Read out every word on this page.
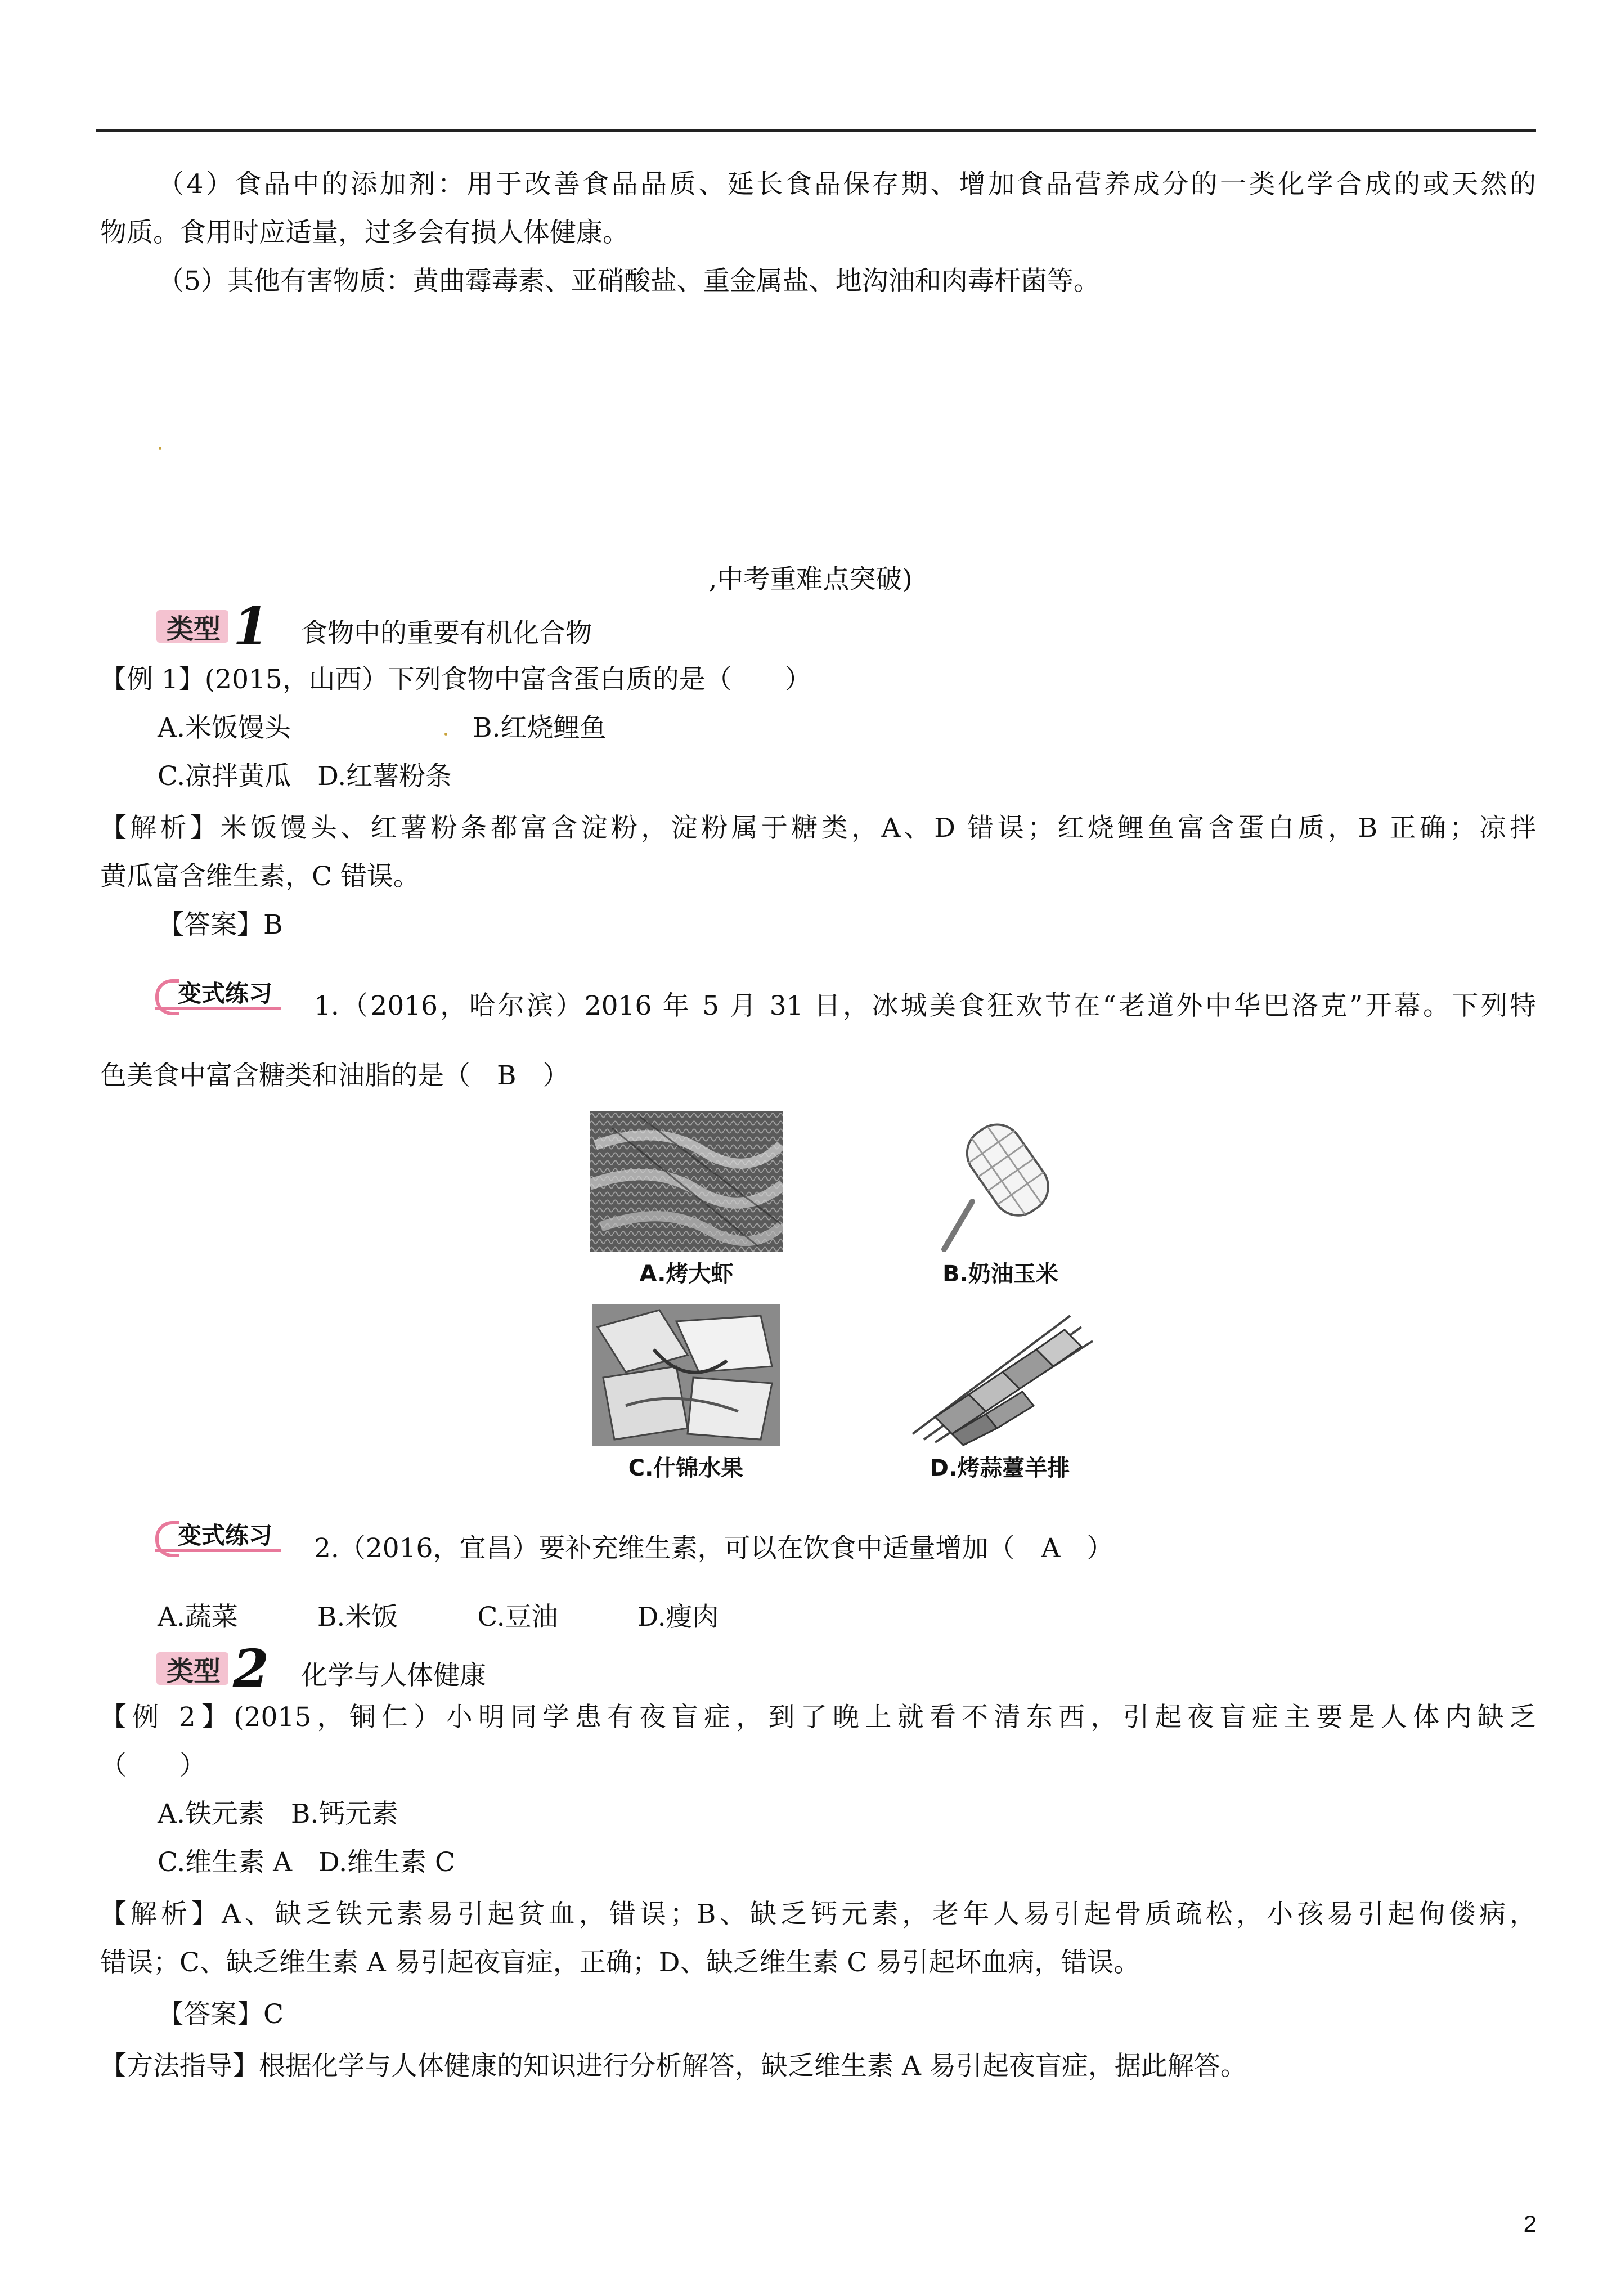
（4）食品中的添加剂：用于改善食品品质、延长食品保存期、增加食品营养成分的一类化学合成的或天然的
物质。食用时应适量，过多会有损人体健康。
（5）其他有害物质：黄曲霉毒素、亚硝酸盐、重金属盐、地沟油和肉毒杆菌等。
,中考重难点突破)
类型 1 食物中的重要有机化合物
【例 1】(2015，山西）下列食物中富含蛋白质的是（　　）
A.米饭馒头	B.红烧鲤鱼
C.凉拌黄瓜　D.红薯粉条
【解析】米饭馒头、红薯粉条都富含淀粉，淀粉属于糖类，A、D 错误；红烧鲤鱼富含蛋白质，B 正确；凉拌
黄瓜富含维生素，C 错误。
【答案】B
变式练习	1.（2016，哈尔滨）2016 年 5 月 31 日，冰城美食狂欢节在“老道外中华巴洛克”开幕。下列特
色美食中富含糖类和油脂的是（　B　）
A.烤大虾	B.奶油玉米
C.什锦水果	D.烤蒜薹羊排
变式练习	2.（2016，宜昌）要补充维生素，可以在饮食中适量增加（　A　）
A.蔬菜　　　B.米饭　　　C.豆油　　　D.瘦肉
类型 2 化学与人体健康
【例 2】(2015，铜仁）小明同学患有夜盲症，到了晚上就看不清东西，引起夜盲症主要是人体内缺乏
（　　）
A.铁元素　B.钙元素
C.维生素 A　D.维生素 C
【解析】A、缺乏铁元素易引起贫血，错误；B、缺乏钙元素，老年人易引起骨质疏松，小孩易引起佝偻病，
错误；C、缺乏维生素 A 易引起夜盲症，正确；D、缺乏维生素 C 易引起坏血病，错误。
【答案】C
【方法指导】根据化学与人体健康的知识进行分析解答，缺乏维生素 A 易引起夜盲症，据此解答。
2
